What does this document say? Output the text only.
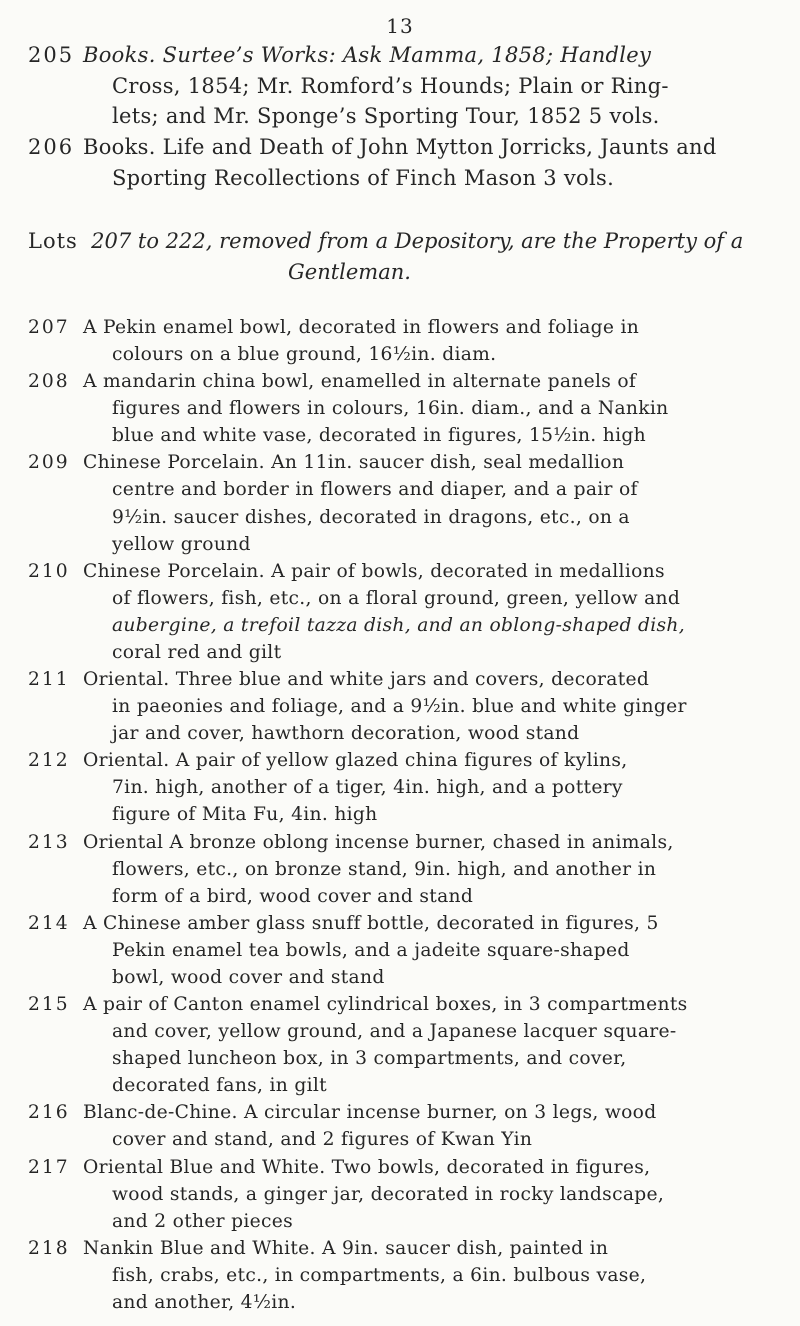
13
205 Books. Surtee’s Works: Ask Mamma, 1858; Handley
Cross, 1854; Mr. Romford’s Hounds; Plain or Ring-
lets; and Mr. Sponge’s Sporting Tour, 1852 5 vols.
206 Books. Life and Death of John Mytton Jorricks, Jaunts and
Sporting Recollections of Finch Mason 3 vols.
Lots 207 to 222, removed from a Depository, are the Property of a
Gentleman.
207 A Pekin enamel bowl, decorated in flowers and foliage in
colours on a blue ground, 16½in. diam.
208 A mandarin china bowl, enamelled in alternate panels of
figures and flowers in colours, 16in. diam., and a Nankin
blue and white vase, decorated in figures, 15½in. high
209 Chinese Porcelain. An 11in. saucer dish, seal medallion
centre and border in flowers and diaper, and a pair of
9½in. saucer dishes, decorated in dragons, etc., on a
yellow ground
210 Chinese Porcelain. A pair of bowls, decorated in medallions
of flowers, fish, etc., on a floral ground, green, yellow and
aubergine, a trefoil tazza dish, and an oblong-shaped dish,
coral red and gilt
211 Oriental. Three blue and white jars and covers, decorated
in paeonies and foliage, and a 9½in. blue and white ginger
jar and cover, hawthorn decoration, wood stand
212 Oriental. A pair of yellow glazed china figures of kylins,
7in. high, another of a tiger, 4in. high, and a pottery
figure of Mita Fu, 4in. high
213 Oriental A bronze oblong incense burner, chased in animals,
flowers, etc., on bronze stand, 9in. high, and another in
form of a bird, wood cover and stand
214 A Chinese amber glass snuff bottle, decorated in figures, 5
Pekin enamel tea bowls, and a jadeite square-shaped
bowl, wood cover and stand
215 A pair of Canton enamel cylindrical boxes, in 3 compartments
and cover, yellow ground, and a Japanese lacquer square-
shaped luncheon box, in 3 compartments, and cover,
decorated fans, in gilt
216 Blanc-de-Chine. A circular incense burner, on 3 legs, wood
cover and stand, and 2 figures of Kwan Yin
217 Oriental Blue and White. Two bowls, decorated in figures,
wood stands, a ginger jar, decorated in rocky landscape,
and 2 other pieces
218 Nankin Blue and White. A 9in. saucer dish, painted in
fish, crabs, etc., in compartments, a 6in. bulbous vase,
and another, 4½in.
